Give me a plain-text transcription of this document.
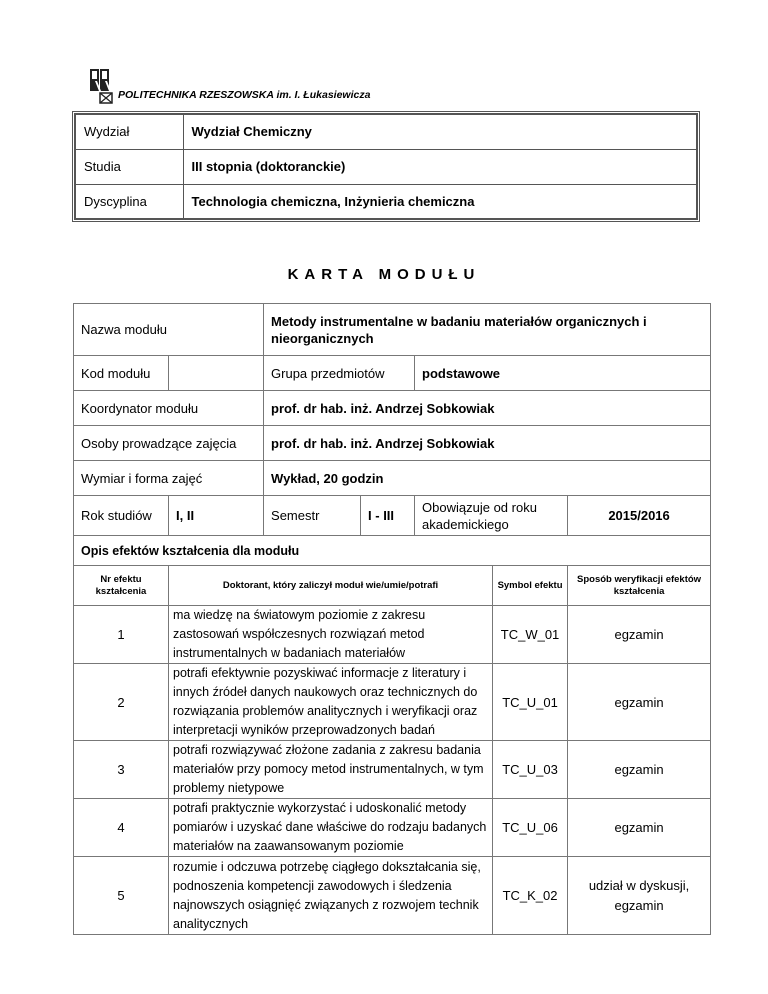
POLITECHNIKA RZESZOWSKA im. I. Łukasiewicza
Wydział	Wydział Chemiczny
Studia	III stopnia (doktoranckie)
Dyscyplina	Technologia chemiczna, Inżynieria chemiczna
KARTA MODUŁU
Nazwa modułu		Metody instrumentalne w badaniu materiałów organicznych i nieorganicznych				
Kod modułu		Grupa przedmiotów		podstawowe		
Koordynator modułu		prof. dr hab. inż. Andrzej Sobkowiak				
Osoby prowadzące zajęcia		prof. dr hab. inż. Andrzej Sobkowiak				
Wymiar i forma zajęć		Wykład, 20 godzin				
Rok studiów	I, II	Semestr	I - III	Obowiązuje od roku akademickiego		2015/2016
Opis efektów kształcenia dla modułu						
Nr efektu kształcenia	Doktorant, który zaliczył moduł wie/umie/potrafi				Symbol efektu	Sposób weryfikacji efektów kształcenia
1	ma wiedzę na światowym poziomie z zakresu zastosowań współczesnych rozwiązań metod instrumentalnych w badaniach materiałów				TC_W_01	egzamin
2	potrafi efektywnie pozyskiwać informacje z literatury i innych źródeł danych naukowych oraz technicznych do rozwiązania problemów analitycznych i weryfikacji oraz interpretacji wyników przeprowadzonych badań				TC_U_01	egzamin
3	potrafi rozwiązywać złożone zadania z zakresu badania materiałów przy pomocy metod instrumentalnych, w tym problemy nietypowe				TC_U_03	egzamin
4	potrafi praktycznie wykorzystać i udoskonalić metody pomiarów i uzyskać dane właściwe do rodzaju badanych materiałów na zaawansowanym poziomie				TC_U_06	egzamin
5	rozumie i odczuwa potrzebę ciągłego dokształcania się, podnoszenia kompetencji zawodowych i śledzenia najnowszych osiągnięć związanych z rozwojem technik analitycznych				TC_K_02	udział w dyskusji, egzamin
